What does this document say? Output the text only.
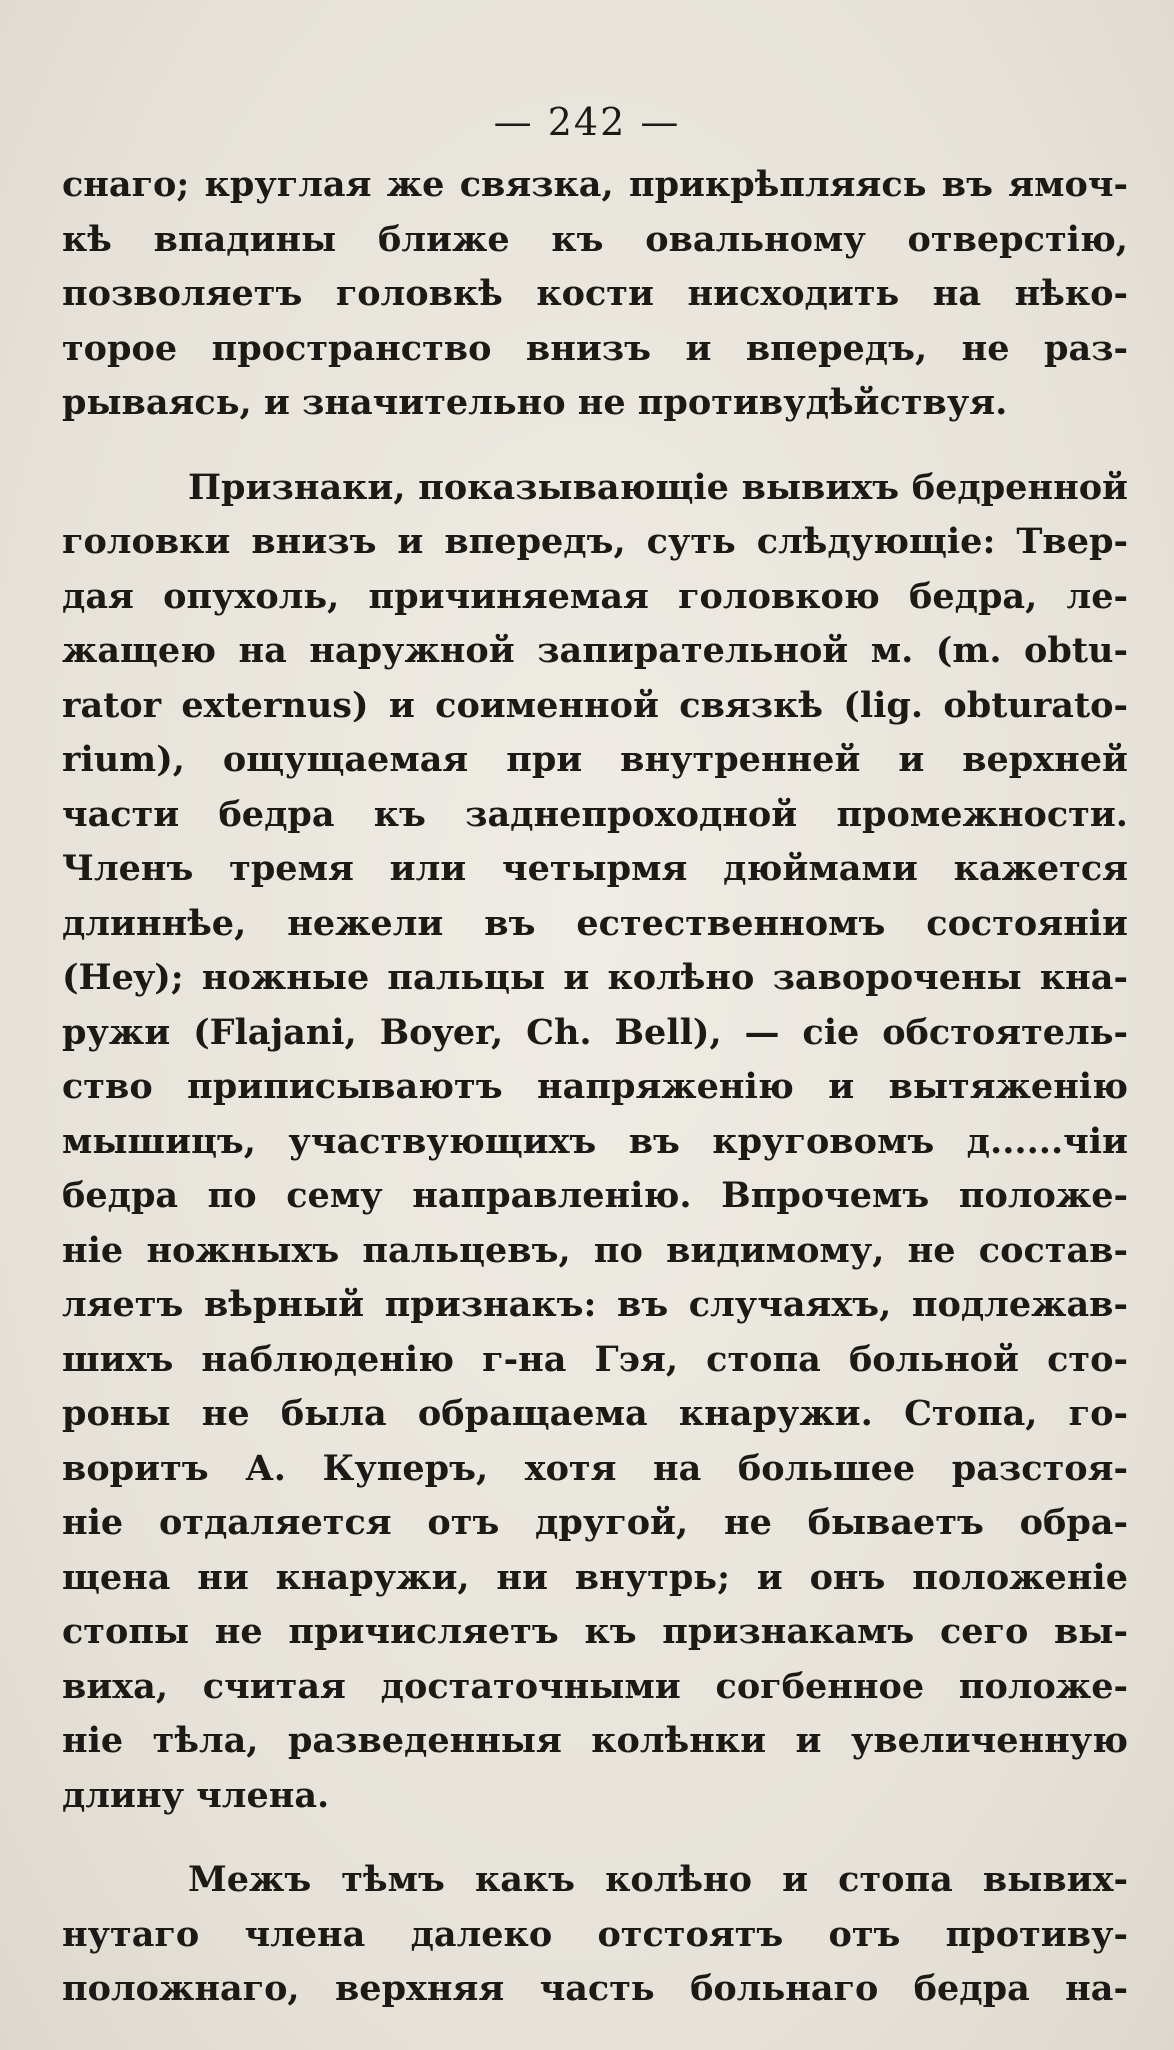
— 242 —
снаго; круглая же связка, прикрѣпляясь въ ямоч-
кѣ впадины ближе къ овальному отверстію,
позволяетъ головкѣ кости нисходить на нѣко-
торое пространство внизъ и впередъ, не раз-
рываясь, и значительно не противудѣйствуя.
Признаки, показывающіе вывихъ бедренной
головки внизъ и впередъ, суть слѣдующіе: Твер-
дая опухоль, причиняемая головкою бедра, ле-
жащею на наружной запирательной м. (m. obtu-
rator externus) и соименной связкѣ (lig. obturato-
rium), ощущаемая при внутренней и верхней
части бедра къ заднепроходной промежности.
Членъ тремя или четырмя дюймами кажется
длиннѣе, нежели въ естественномъ состояніи
(Hey); ножные пальцы и колѣно заворочены кна-
ружи (Flajani, Boyer, Ch. Bell), — сіе обстоятель-
ство приписываютъ напряженію и вытяженію
мышицъ, участвующихъ въ круговомъ д......чіи
бедра по сему направленію. Впрочемъ положе-
ніе ножныхъ пальцевъ, по видимому, не состав-
ляетъ вѣрный признакъ: въ случаяхъ, подлежав-
шихъ наблюденію г-на Гэя, стопа больной сто-
роны не была обращаема кнаружи. Стопа, го-
воритъ А. Куперъ, хотя на большее разстоя-
ніе отдаляется отъ другой, не бываетъ обра-
щена ни кнаружи, ни внутрь; и онъ положеніе
стопы не причисляетъ къ признакамъ сего вы-
виха, считая достаточными согбенное положе-
ніе тѣла, разведенныя колѣнки и увеличенную
длину члена.
Межъ тѣмъ какъ колѣно и стопа вывих-
нутаго члена далеко отстоятъ отъ противу-
положнаго, верхняя часть больнаго бедра на-
